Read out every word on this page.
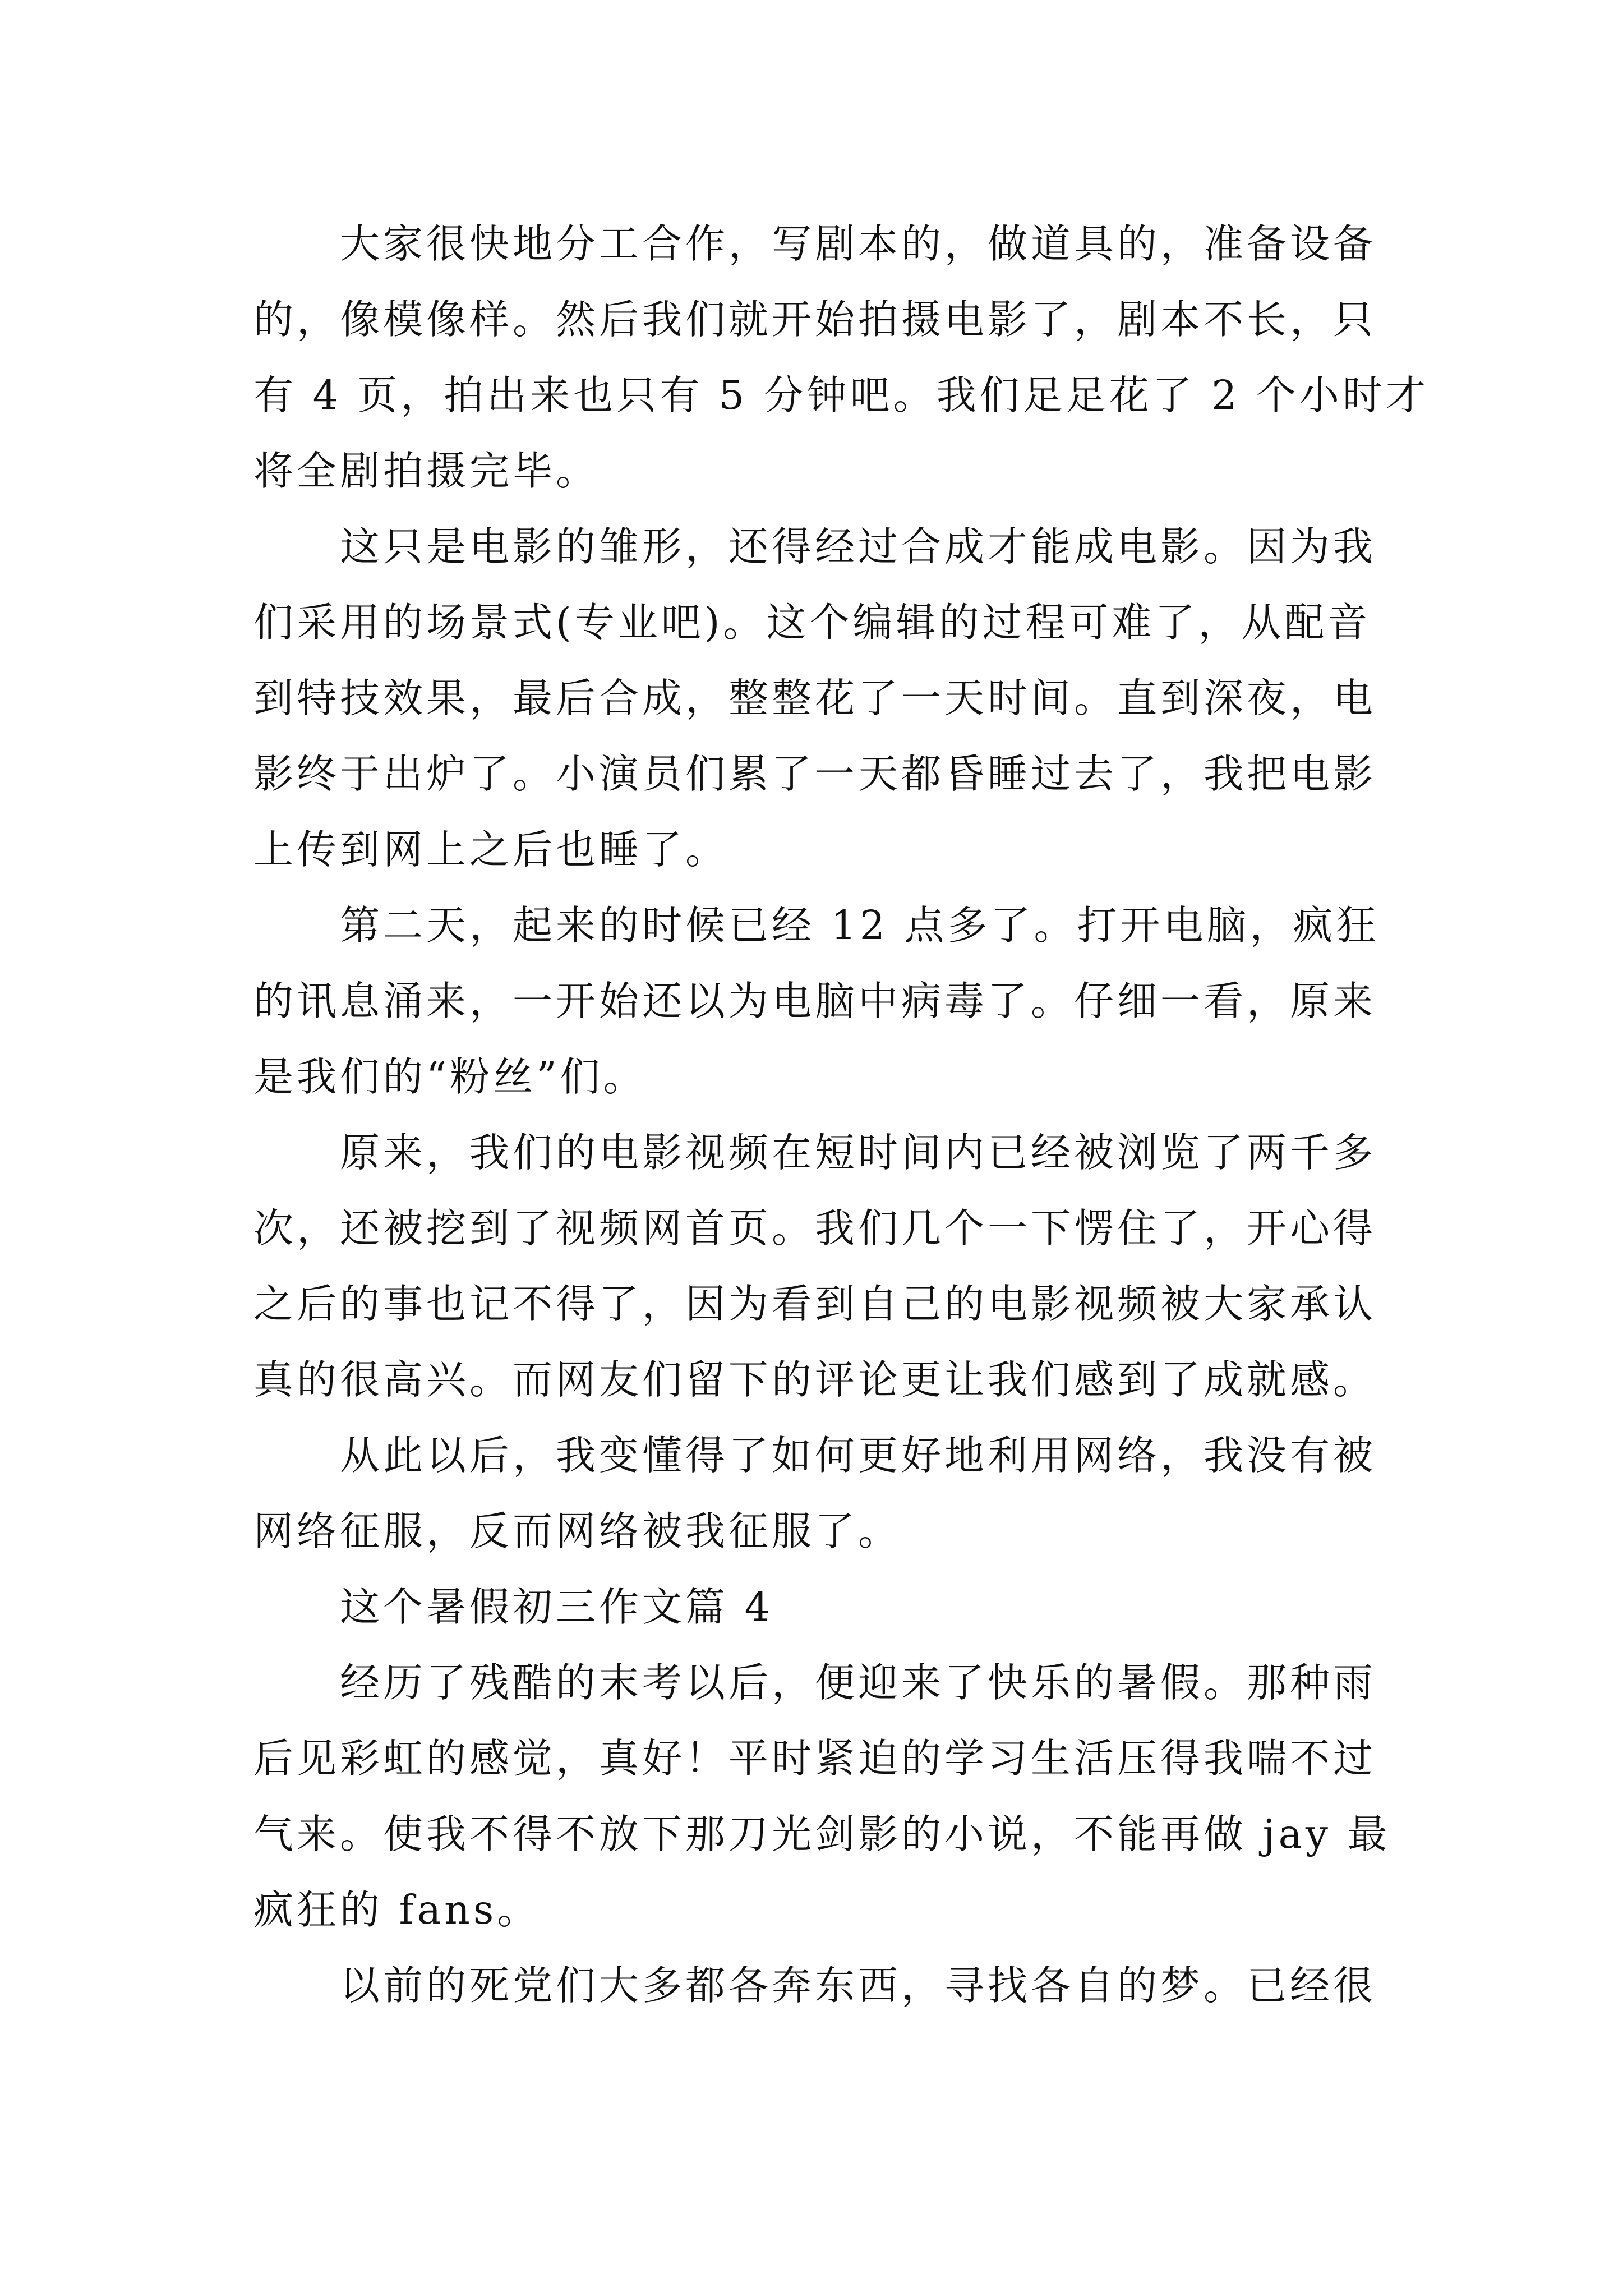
大家很快地分工合作，写剧本的，做道具的，准备设备

的，像模像样。然后我们就开始拍摄电影了，剧本不长，只

有 4 页，拍出来也只有 5 分钟吧。我们足足花了 2 个小时才

将全剧拍摄完毕。

这只是电影的雏形，还得经过合成才能成电影。因为我

们采用的场景式(专业吧)。这个编辑的过程可难了，从配音

到特技效果，最后合成，整整花了一天时间。直到深夜，电

影终于出炉了。小演员们累了一天都昏睡过去了，我把电影

上传到网上之后也睡了。

第二天，起来的时候已经 12 点多了。打开电脑，疯狂

的讯息涌来，一开始还以为电脑中病毒了。仔细一看，原来

是我们的“粉丝”们。

原来，我们的电影视频在短时间内已经被浏览了两千多

次，还被挖到了视频网首页。我们几个一下愣住了，开心得

之后的事也记不得了，因为看到自己的电影视频被大家承认

真的很高兴。而网友们留下的评论更让我们感到了成就感。

从此以后，我变懂得了如何更好地利用网络，我没有被

网络征服，反而网络被我征服了。

这个暑假初三作文篇 4

经历了残酷的末考以后，便迎来了快乐的暑假。那种雨

后见彩虹的感觉，真好！平时紧迫的学习生活压得我喘不过

气来。使我不得不放下那刀光剑影的小说，不能再做 jay 最

疯狂的 fans。

以前的死党们大多都各奔东西，寻找各自的梦。已经很
